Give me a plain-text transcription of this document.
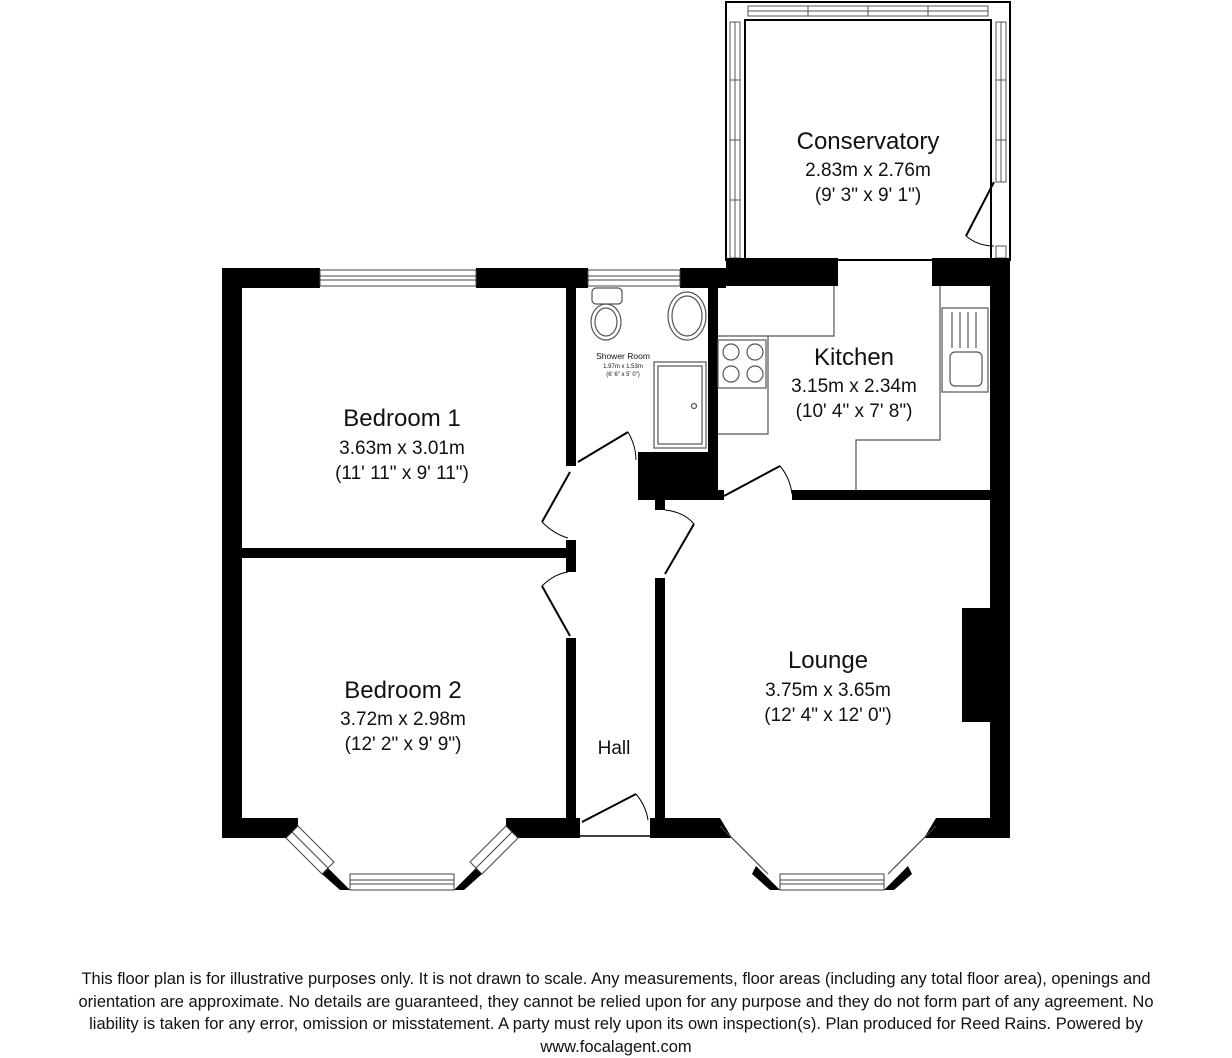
Conservatory
2.83m x 2.76m
(9' 3" x 9' 1")
Kitchen
3.15m x 2.34m
(10' 4" x 7' 8")
Bedroom 1
3.63m x 3.01m
(11' 11" x 9' 11")
Shower Room
1.97m x 1.53m
(6' 6" x 5' 0")
Bedroom 2
3.72m x 2.98m
(12' 2" x 9' 9")
Lounge
3.75m x 3.65m
(12' 4" x 12' 0")
Hall
This floor plan is for illustrative purposes only. It is not drawn to scale. Any measurements, floor areas (including any total floor area), openings and
orientation are approximate. No details are guaranteed, they cannot be relied upon for any purpose and they do not form part of any agreement. No
liability is taken for any error, omission or misstatement. A party must rely upon its own inspection(s). Plan produced for Reed Rains. Powered by
www.focalagent.com
